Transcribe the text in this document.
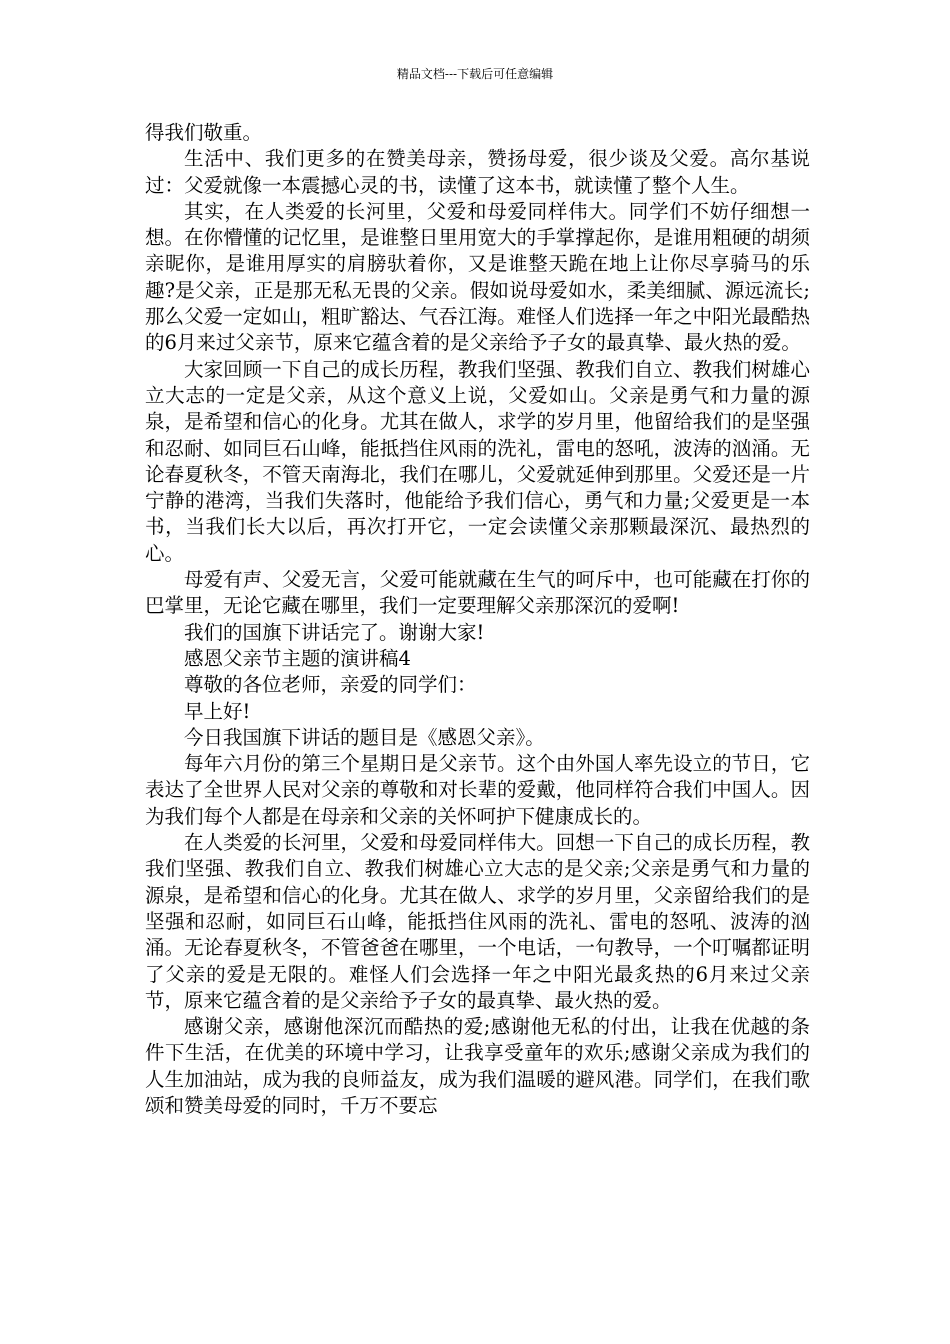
精品文档---下载后可任意编辑

得我们敬重。

生活中、我们更多的在赞美母亲，赞扬母爱，很少谈及父爱。高尔基说过：父爱就像一本震撼心灵的书，读懂了这本书，就读懂了整个人生。

其实，在人类爱的长河里，父爱和母爱同样伟大。同学们不妨仔细想一想。在你懵懂的记忆里，是谁整日里用宽大的手掌撑起你，是谁用粗硬的胡须亲昵你，是谁用厚实的肩膀驮着你，又是谁整天跪在地上让你尽享骑马的乐趣?是父亲，正是那无私无畏的父亲。假如说母爱如水，柔美细腻、源远流长;那么父爱一定如山，粗旷豁达、气吞江海。难怪人们选择一年之中阳光最酷热的6月来过父亲节，原来它蕴含着的是父亲给予子女的最真挚、最火热的爱。

大家回顾一下自己的成长历程，教我们坚强、教我们自立、教我们树雄心立大志的一定是父亲，从这个意义上说，父爱如山。父亲是勇气和力量的源泉，是希望和信心的化身。尤其在做人，求学的岁月里，他留给我们的是坚强和忍耐、如同巨石山峰，能抵挡住风雨的洗礼，雷电的怒吼，波涛的汹涌。无论春夏秋冬，不管天南海北，我们在哪儿，父爱就延伸到那里。父爱还是一片宁静的港湾，当我们失落时，他能给予我们信心，勇气和力量;父爱更是一本书，当我们长大以后，再次打开它，一定会读懂父亲那颗最深沉、最热烈的心。

母爱有声、父爱无言，父爱可能就藏在生气的呵斥中，也可能藏在打你的巴掌里，无论它藏在哪里，我们一定要理解父亲那深沉的爱啊!

我们的国旗下讲话完了。谢谢大家!

感恩父亲节主题的演讲稿4

尊敬的各位老师，亲爱的同学们：

早上好!

今日我国旗下讲话的题目是《感恩父亲》。

每年六月份的第三个星期日是父亲节。这个由外国人率先设立的节日，它表达了全世界人民对父亲的尊敬和对长辈的爱戴，他同样符合我们中国人。因为我们每个人都是在母亲和父亲的关怀呵护下健康成长的。

在人类爱的长河里，父爱和母爱同样伟大。回想一下自己的成长历程，教我们坚强、教我们自立、教我们树雄心立大志的是父亲;父亲是勇气和力量的源泉，是希望和信心的化身。尤其在做人、求学的岁月里，父亲留给我们的是坚强和忍耐，如同巨石山峰，能抵挡住风雨的洗礼、雷电的怒吼、波涛的汹涌。无论春夏秋冬，不管爸爸在哪里，一个电话，一句教导，一个叮嘱都证明了父亲的爱是无限的。难怪人们会选择一年之中阳光最炙热的6月来过父亲节，原来它蕴含着的是父亲给予子女的最真挚、最火热的爱。

感谢父亲，感谢他深沉而酷热的爱;感谢他无私的付出，让我在优越的条件下生活，在优美的环境中学习，让我享受童年的欢乐;感谢父亲成为我们的人生加油站，成为我的良师益友，成为我们温暖的避风港。同学们，在我们歌颂和赞美母爱的同时，千万不要忘
